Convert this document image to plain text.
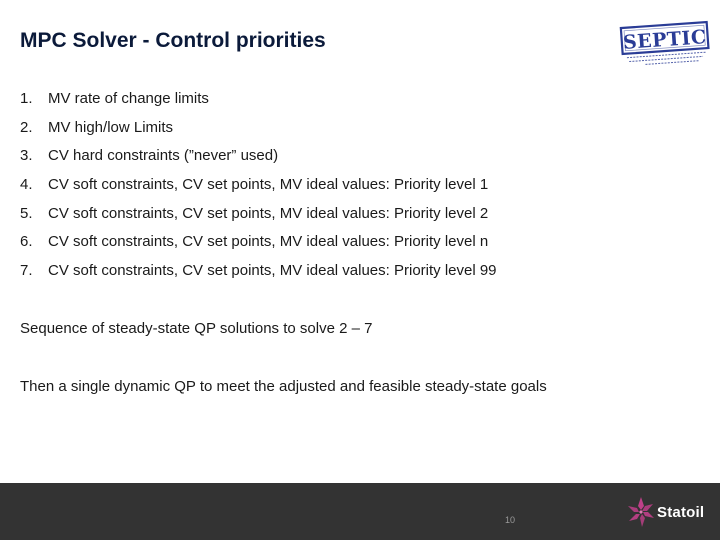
MPC Solver - Control priorities	SEPTIC
1. MV rate of change limits
2. MV high/low Limits
3. CV hard constraints (”never” used)
4. CV soft constraints, CV set points, MV ideal values: Priority level 1
5. CV soft constraints, CV set points, MV ideal values: Priority level 2
6. CV soft constraints, CV set points, MV ideal values: Priority level n
7. CV soft constraints, CV set points, MV ideal values: Priority level 99
Sequence of steady-state QP solutions to solve 2 – 7
Then a single dynamic QP to meet the adjusted and feasible steady-state goals
10	Statoil
